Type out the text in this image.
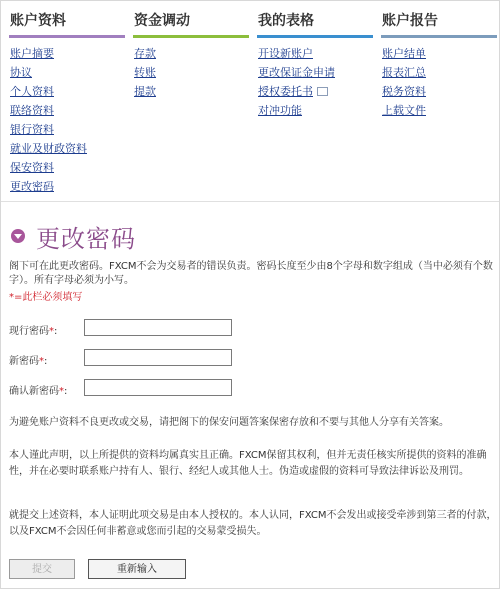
账户资料
账户摘要
协议
个人资料
联络资料
银行资料
就业及财政资料
保安资料
更改密码
资金调动
存款
转账
提款
我的表格
开设新账户
更改保证金申请
授权委托书
对冲功能
账户报告
账户结单
报表汇总
税务资料
上载文件
更改密码
阁下可在此更改密码。FXCM不会为交易者的错误负责。密码长度至少由8个字母和数字组成（当中必须有个数字）。所有字母必须为小写。
*=此栏必须填写
现行密码*:
新密码*:
确认新密码*:
为避免账户资料不良更改或交易，请把阁下的保安问题答案保密存放和不要与其他人分享有关答案。
本人谨此声明，以上所提供的资料均属真实且正确。FXCM保留其权利，但并无责任核实所提供的资料的准确性，并在必要时联系账户持有人、银行、经纪人或其他人士。伪造或虚假的资料可导致法律诉讼及刑罚。
就提交上述资料，本人证明此项交易是由本人授权的。本人认同，FXCM不会发出或接受牵涉到第三者的付款，以及FXCM不会因任何非蓄意或您而引起的交易蒙受损失。
提交	重新输入
